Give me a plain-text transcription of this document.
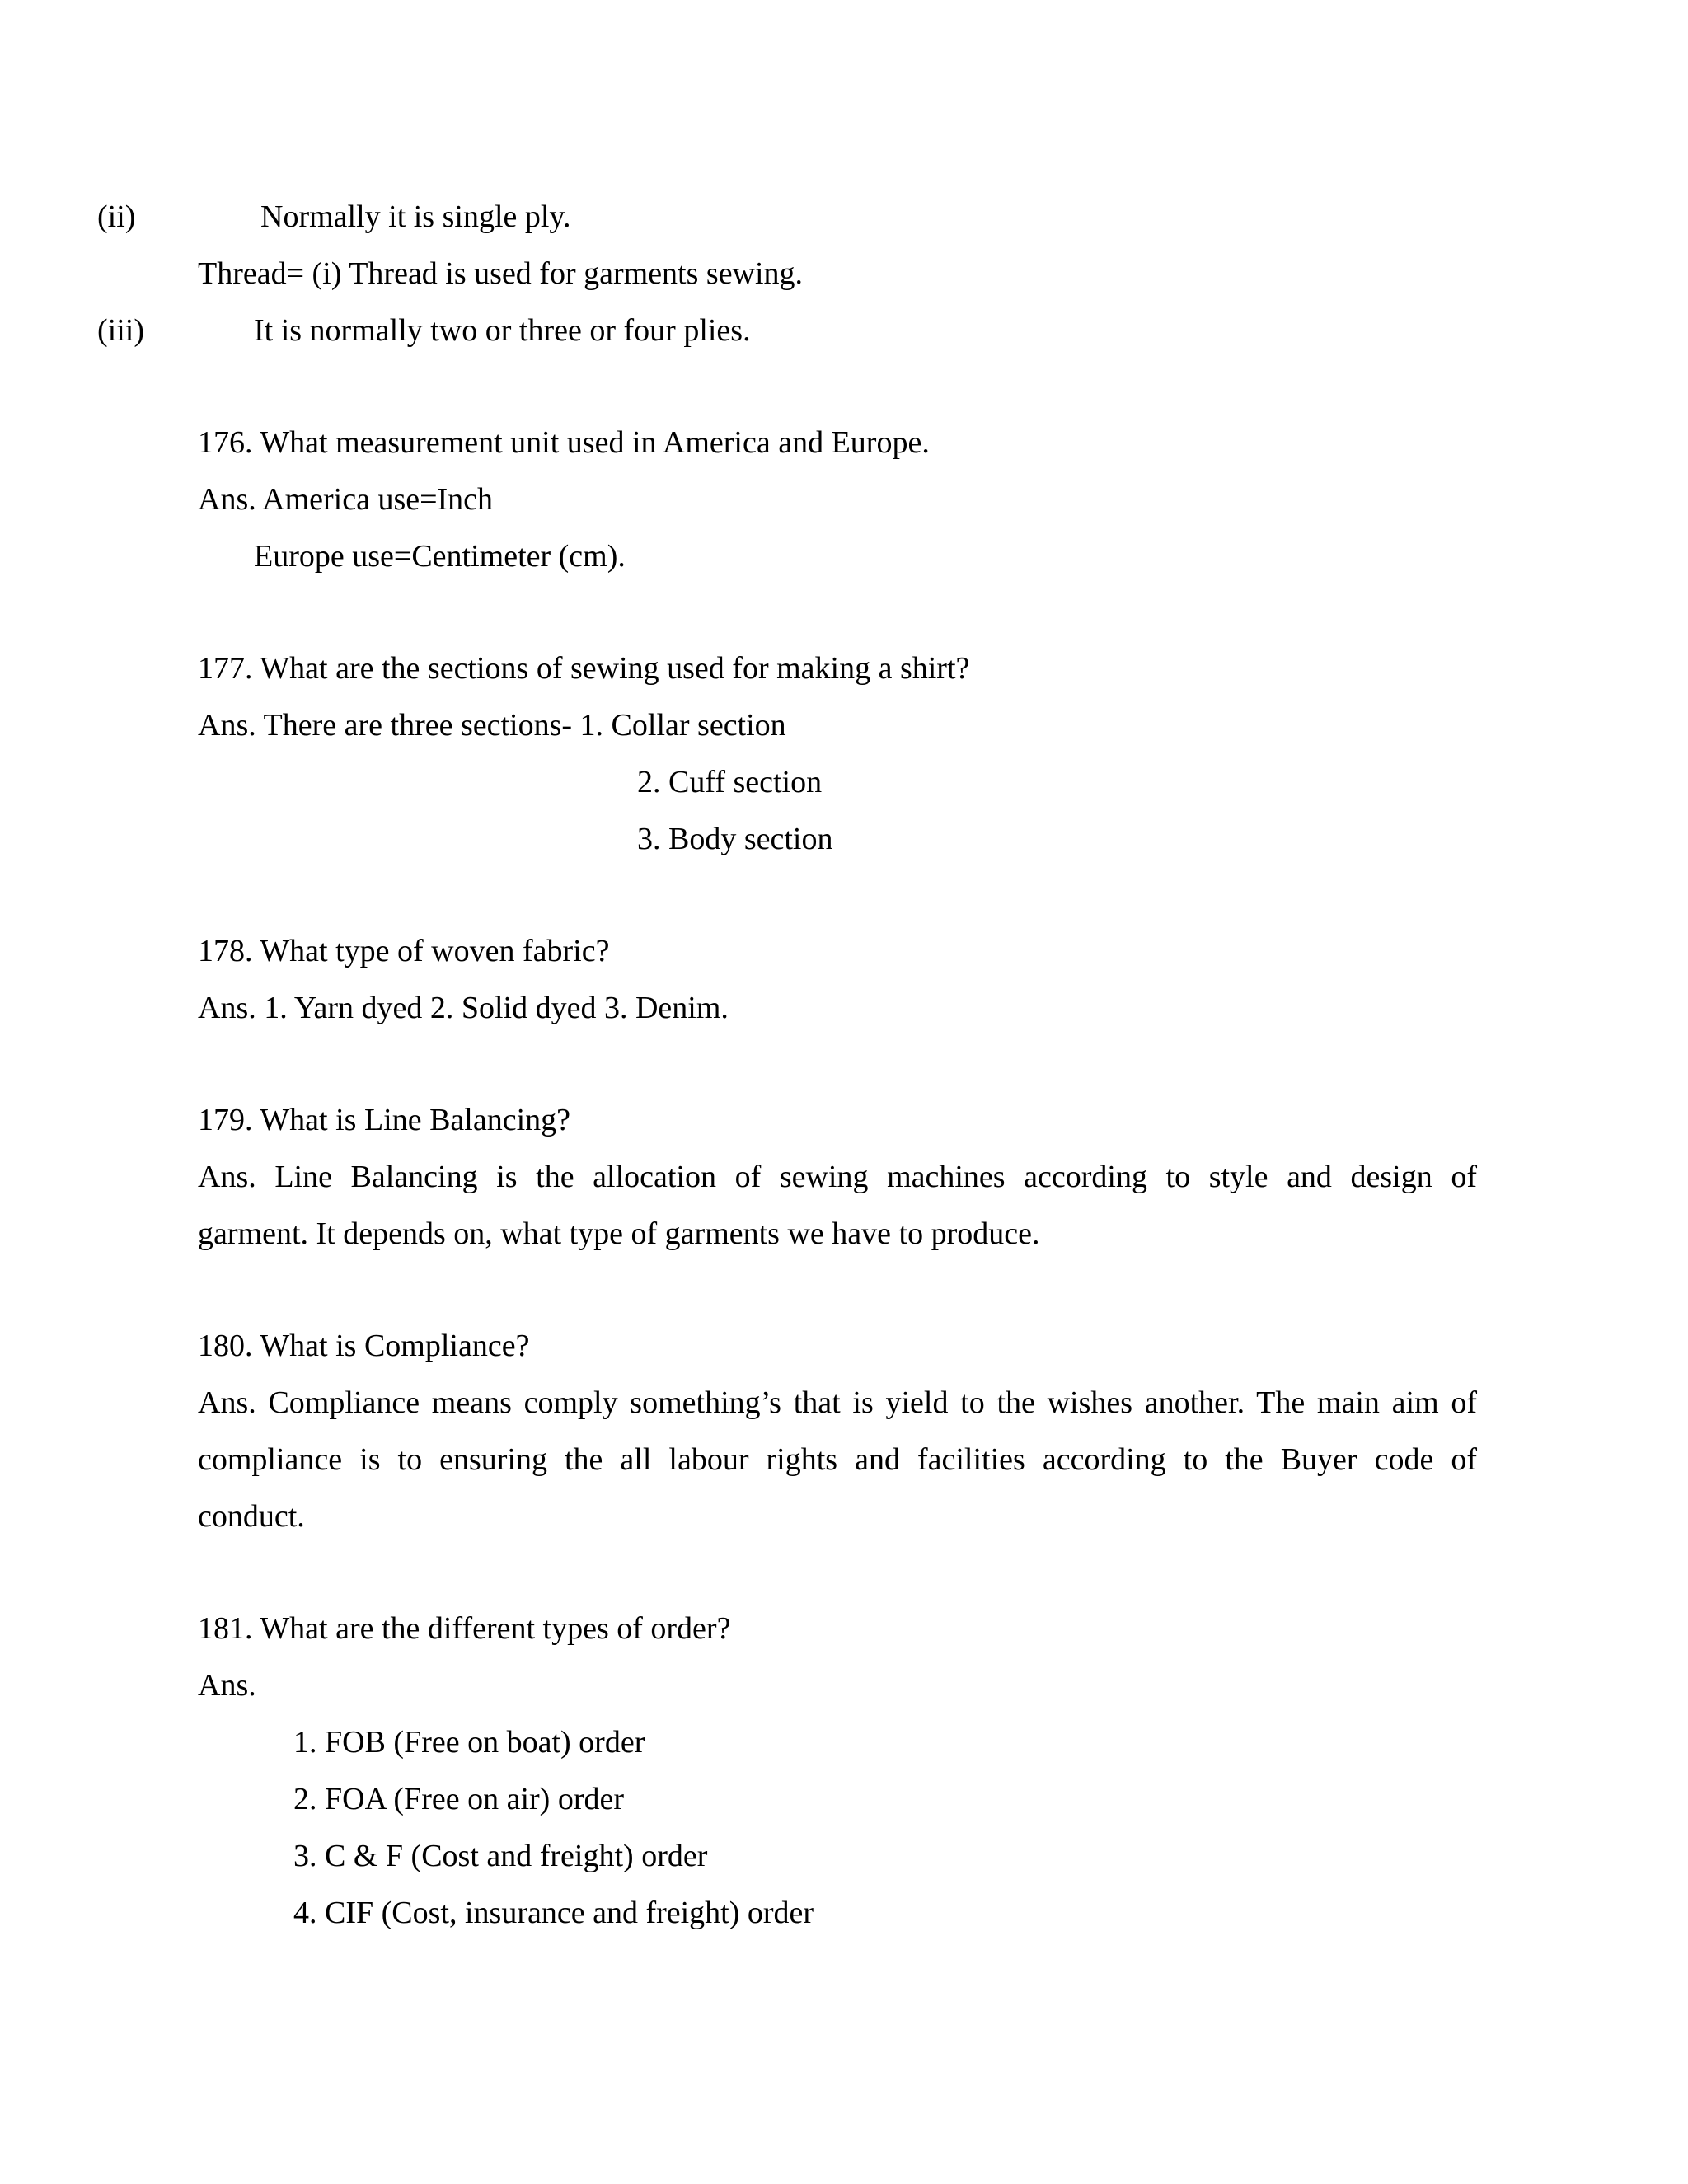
(ii)	Normally it is single ply.
Thread= (i) Thread is used for garments sewing.
(iii)	It is normally two or three or four plies.
176. What measurement unit used in America and Europe.
Ans. America use=Inch
Europe use=Centimeter (cm).
177. What are the sections of sewing used for making a shirt?
Ans. There are three sections- 1. Collar section
2. Cuff section
3. Body section
178. What type of woven fabric?
Ans. 1. Yarn dyed 2. Solid dyed 3. Denim.
179. What is Line Balancing?
Ans. Line Balancing is the allocation of sewing machines according to style and design of
garment. It depends on, what type of garments we have to produce.
180. What is Compliance?
Ans. Compliance means comply something’s that is yield to the wishes another. The main aim of
compliance is to ensuring the all labour rights and facilities according to the Buyer code of
conduct.
181. What are the different types of order?
Ans.
1. FOB (Free on boat) order
2. FOA (Free on air) order
3. C & F (Cost and freight) order
4. CIF (Cost, insurance and freight) order
